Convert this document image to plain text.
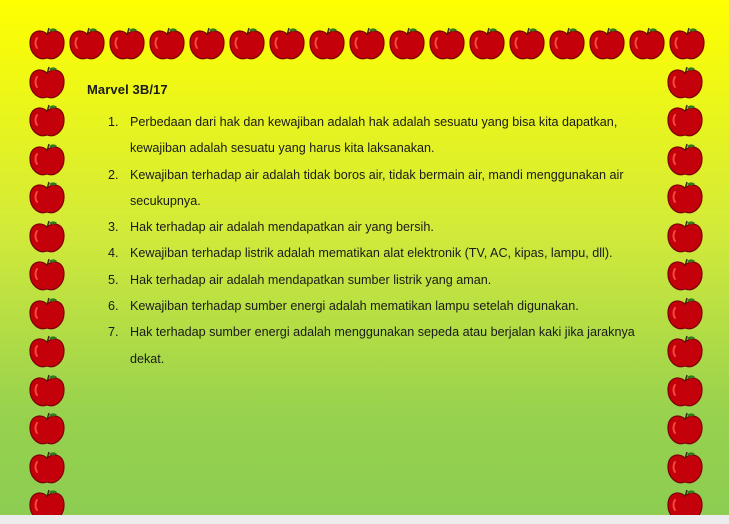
Marvel 3B/17

1. Perbedaan dari hak dan kewajiban adalah hak adalah sesuatu yang bisa kita dapatkan, kewajiban adalah sesuatu yang harus kita laksanakan.
2. Kewajiban terhadap air adalah tidak boros air, tidak bermain air, mandi menggunakan air secukupnya.
3. Hak terhadap air adalah mendapatkan air yang bersih.
4. Kewajiban terhadap listrik adalah mematikan alat elektronik (TV, AC, kipas, lampu, dll).
5. Hak terhadap air adalah mendapatkan sumber listrik yang aman.
6. Kewajiban terhadap sumber energi adalah mematikan lampu setelah digunakan.
7. Hak terhadap sumber energi adalah menggunakan sepeda atau berjalan kaki jika jaraknya dekat.
